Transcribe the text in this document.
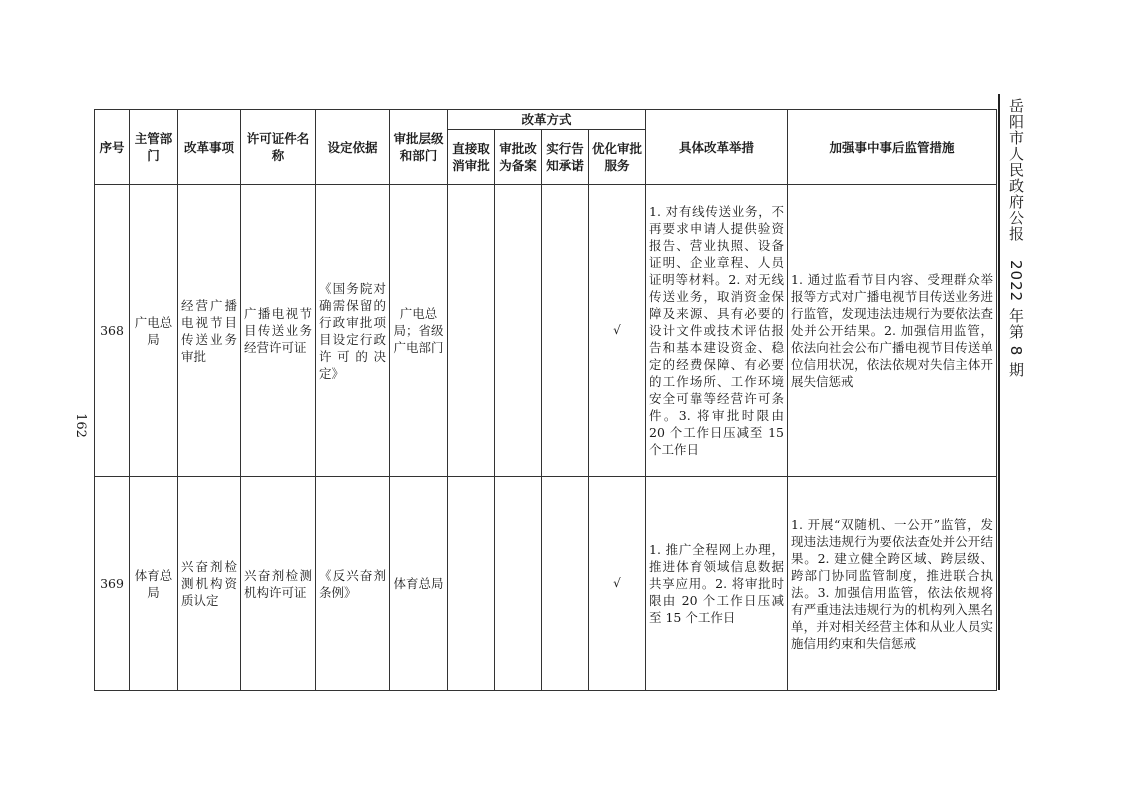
岳阳市人民政府公报2022 年第 8 期
162
序号	主管部门	改革事项	许可证件名称	设定依据	审批层级和部门	改革方式				具体改革举措	加强事中事后监管措施
						直接取消审批	审批改为备案	实行告知承诺	优化审批服务		
368	广电总局	经营广播电视节目传送业务审批	广播电视节目传送业务经营许可证	《国务院对确需保留的行政审批项目设定行政许可的决定》	广电总局；省级广电部门				√	1. 对有线传送业务，不再要求申请人提供验资报告、营业执照、设备证明、企业章程、人员证明等材料。2. 对无线传送业务，取消资金保障及来源、具有必要的设计文件或技术评估报告和基本建设资金、稳定的经费保障、有必要的工作场所、工作环境安全可靠等经营许可条件。3. 将审批时限由 20 个工作日压减至 15 个工作日	1. 通过监看节目内容、受理群众举报等方式对广播电视节目传送业务进行监管，发现违法违规行为要依法查处并公开结果。2. 加强信用监管，依法向社会公布广播电视节目传送单位信用状况，依法依规对失信主体开展失信惩戒
369	体育总局	兴奋剂检测机构资质认定	兴奋剂检测机构许可证	《反兴奋剂条例》	体育总局				√	1. 推广全程网上办理，推进体育领域信息数据共享应用。2. 将审批时限由 20 个工作日压减至 15 个工作日	1. 开展“双随机、一公开”监管，发现违法违规行为要依法查处并公开结果。2. 建立健全跨区域、跨层级、跨部门协同监管制度，推进联合执法。3. 加强信用监管，依法依规将有严重违法违规行为的机构列入黑名单，并对相关经营主体和从业人员实施信用约束和失信惩戒
